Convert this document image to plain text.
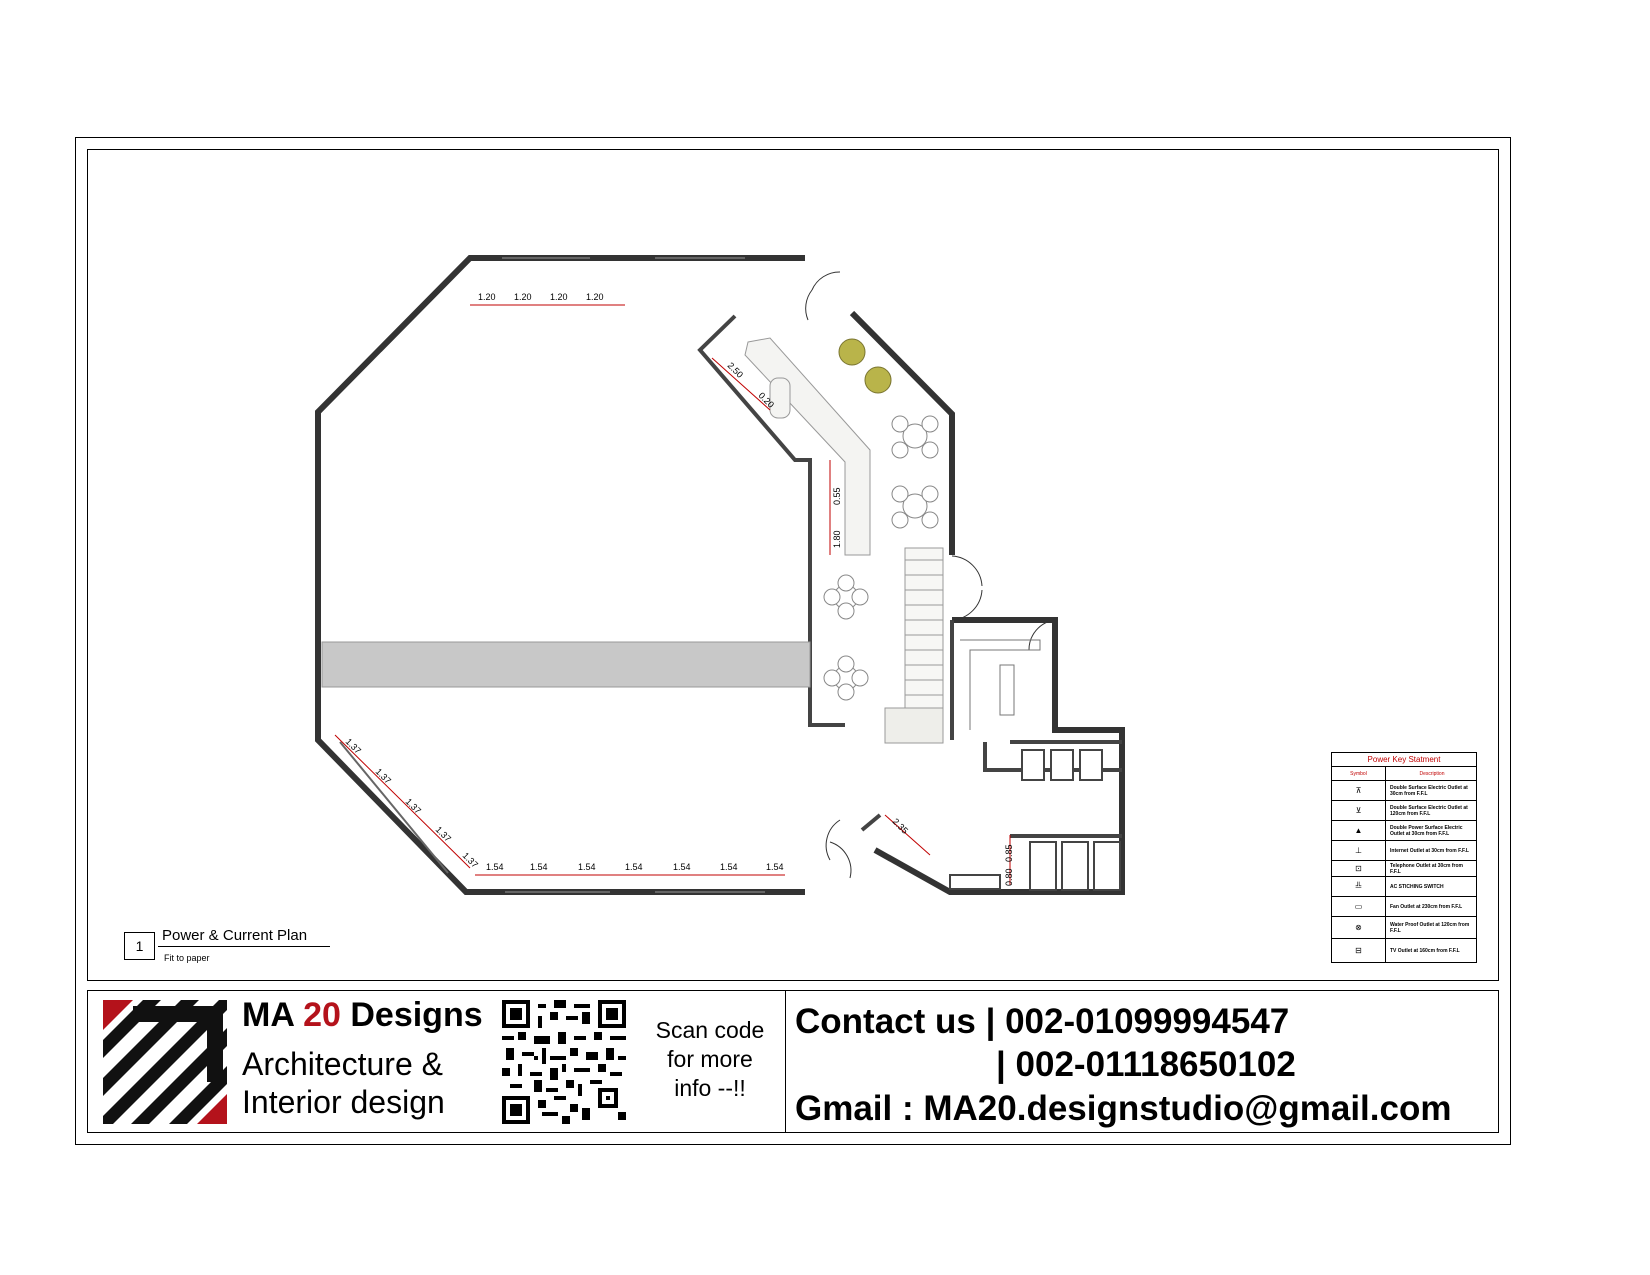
1.20 1.20 1.20 1.20
1.54	1.54	1.54	1.54	1.54	1.54	1.54
1.37
1.37
1.37
1.37
1.37
2.50
0.20
0.55
1.80
2.35
0.80
0.85
1
Power & Current Plan
Fit to paper
Power Key Statment
Symbol	Description
⊼	Double Surface Electric Outlet at 30cm from F.F.L
⊻	Double Surface Electric Outlet at 120cm from F.F.L
▲	Double Power Surface Electric Outlet at 30cm from F.F.L
⊥	Internet Outlet at 30cm from F.F.L
⊡	Telephone Outlet at 30cm from F.F.L
╩	AC STICHING SWITCH
▭	Fan Outlet at 230cm from F.F.L
⊗	Water Proof Outlet at 120cm from F.F.L
⊟	TV Outlet at 160cm from F.F.L
MA 20 Designs
Architecture &
Interior design
Scan code
for more
info --!!
Contact us | 002-01099994547
| 002-01118650102
Gmail : MA20.designstudio@gmail.com
